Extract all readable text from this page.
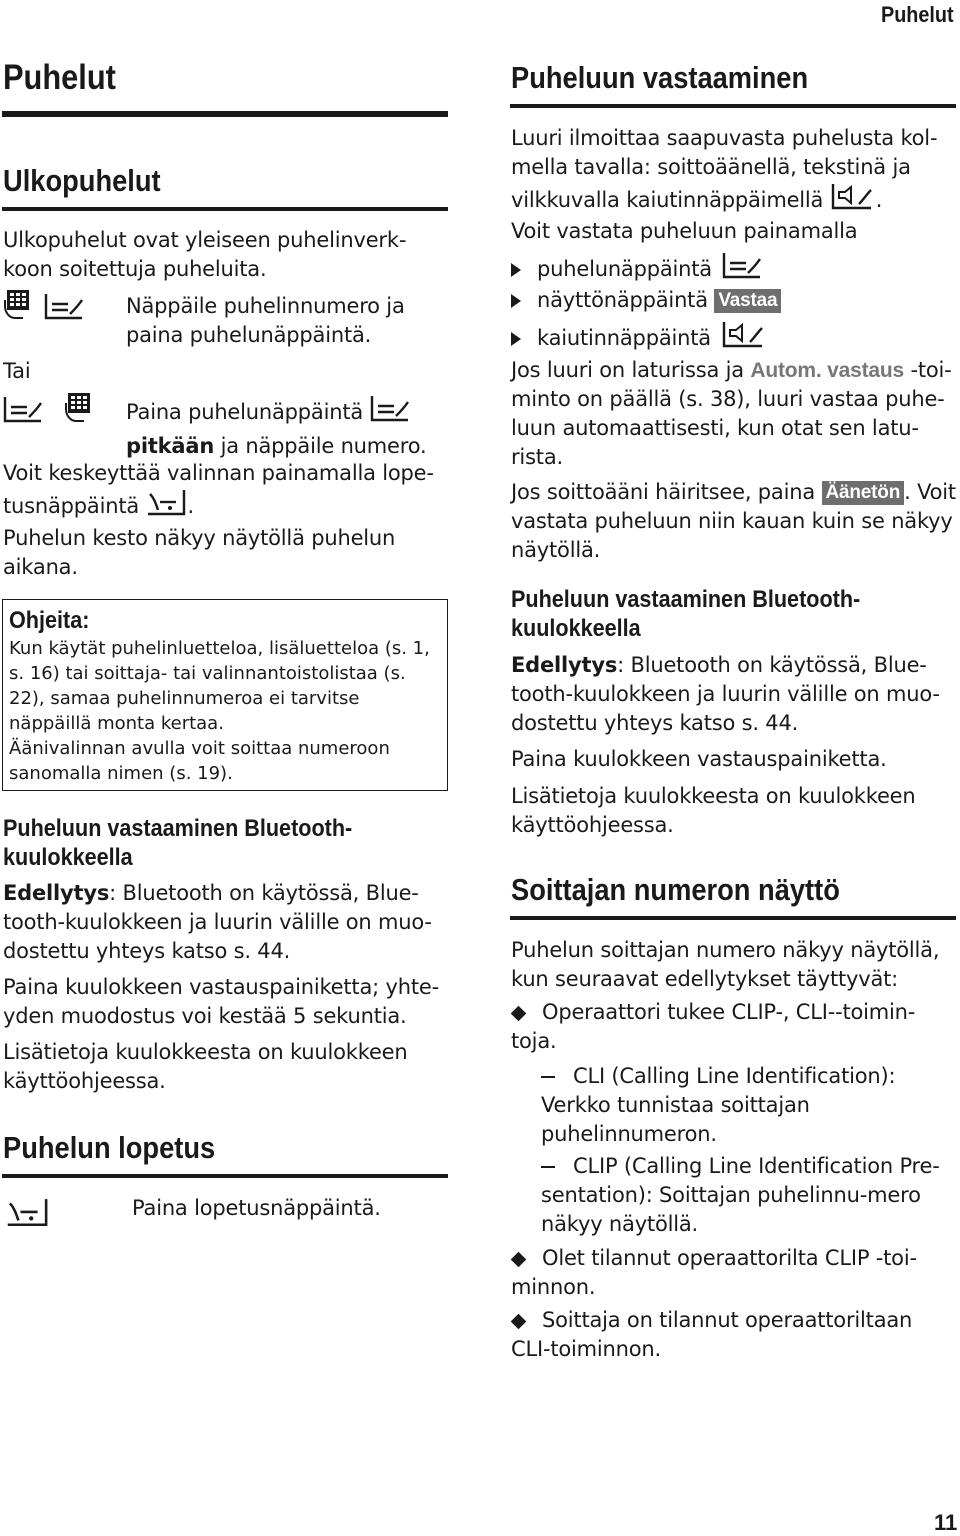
Puhelut
Puhelut
Ulkopuhelut
Ulkopuhelut ovat yleiseen puhelinverk-koon soitettuja puheluita.
Näppäile puhelinnumero ja paina puhelunäppäintä.
Tai
Paina puhelunäppäintä
pitkään ja näppäile numero.
Voit keskeyttää valinnan painamalla lope-tusnäppäintä .
Puhelun kesto näkyy näytöllä puhelun aikana.
Ohjeita:
Kun käytät puhelinluetteloa, lisäluetteloa (s. 1, s. 16) tai soittaja- tai valinnantoistolistaa (s. 22), samaa puhelinnumeroa ei tarvitse näppäillä monta kertaa.
Äänivalinnan avulla voit soittaa numeroon sanomalla nimen (s. 19).
Puheluun vastaaminen Bluetooth-kuulokkeella
Edellytys: Bluetooth on käytössä, Blue-tooth-kuulokkeen ja luurin välille on muo-dostettu yhteys katso s. 44.
Paina kuulokkeen vastauspainiketta; yhte-yden muodostus voi kestää 5 sekuntia.
Lisätietoja kuulokkeesta on kuulokkeen käyttöohjeessa.
Puhelun lopetus
Paina lopetusnäppäintä.
Puheluun vastaaminen
Luuri ilmoittaa saapuvasta puhelusta kol-mella tavalla: soittoäänellä, tekstinä ja vilkkuvalla kaiutinnäppäimellä .
Voit vastata puheluun painamalla
puhelunäppäintä
näyttönäppäintä Vastaa
kaiutinnäppäintä
Jos luuri on laturissa ja Autom. vastaus -toi-minto on päällä (s. 38), luuri vastaa puhe-luun automaattisesti, kun otat sen latu-rista.
Jos soittoääni häiritsee, paina Äänetön . Voit vastata puheluun niin kauan kuin se näkyy näytöllä.
Puheluun vastaaminen Bluetooth-kuulokkeella
Edellytys: Bluetooth on käytössä, Blue-tooth-kuulokkeen ja luurin välille on muo-dostettu yhteys katso s. 44.
Paina kuulokkeen vastauspainiketta.
Lisätietoja kuulokkeesta on kuulokkeen käyttöohjeessa.
Soittajan numeron näyttö
Puhelun soittajan numero näkyy näytöllä, kun seuraavat edellytykset täyttyvät:
Operaattori tukee CLIP-, CLI--toimin-toja.
CLI (Calling Line Identification): Verkko tunnistaa soittajan puhelinnumeron.
CLIP (Calling Line Identification Pre-sentation): Soittajan puhelinnu-mero näkyy näytöllä.
Olet tilannut operaattorilta CLIP -toi-minnon.
Soittaja on tilannut operaattoriltaan CLI-toiminnon.
11
